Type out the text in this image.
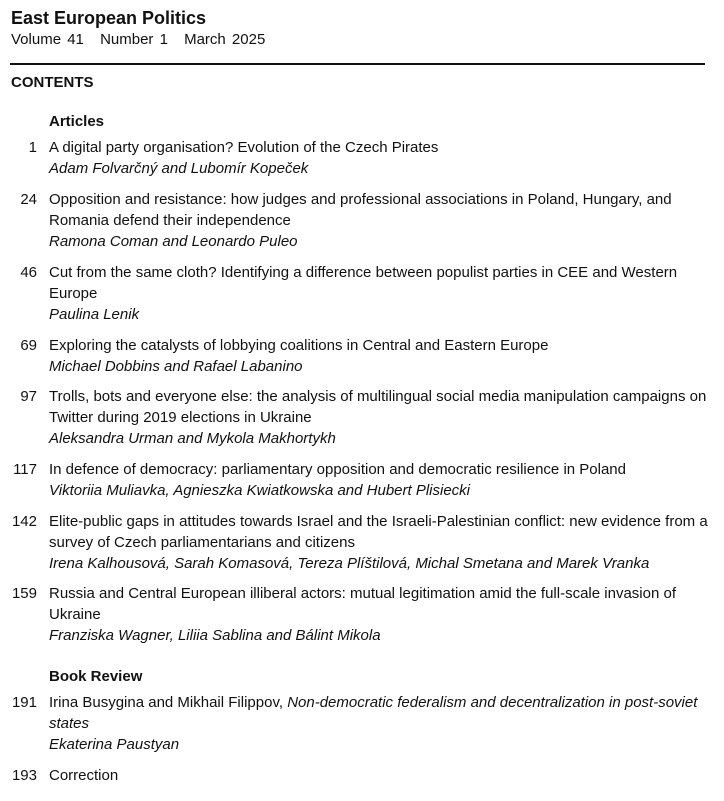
East European Politics
Volume 41 Number 1 March 2025
CONTENTS
Articles
1 A digital party organisation? Evolution of the Czech Pirates
Adam Folvarčný and Lubomír Kopeček
24 Opposition and resistance: how judges and professional associations in Poland, Hungary, and Romania defend their independence
Ramona Coman and Leonardo Puleo
46 Cut from the same cloth? Identifying a difference between populist parties in CEE and Western Europe
Paulina Lenik
69 Exploring the catalysts of lobbying coalitions in Central and Eastern Europe
Michael Dobbins and Rafael Labanino
97 Trolls, bots and everyone else: the analysis of multilingual social media manipulation campaigns on Twitter during 2019 elections in Ukraine
Aleksandra Urman and Mykola Makhortykh
117 In defence of democracy: parliamentary opposition and democratic resilience in Poland
Viktoriia Muliavka, Agnieszka Kwiatkowska and Hubert Plisiecki
142 Elite-public gaps in attitudes towards Israel and the Israeli-Palestinian conflict: new evidence from a survey of Czech parliamentarians and citizens
Irena Kalhousová, Sarah Komasová, Tereza Plíštilová, Michal Smetana and Marek Vranka
159 Russia and Central European illiberal actors: mutual legitimation amid the full-scale invasion of Ukraine
Franziska Wagner, Liliia Sablina and Bálint Mikola
Book Review
191 Irina Busygina and Mikhail Filippov, Non-democratic federalism and decentralization in post-soviet states
Ekaterina Paustyan
193 Correction
